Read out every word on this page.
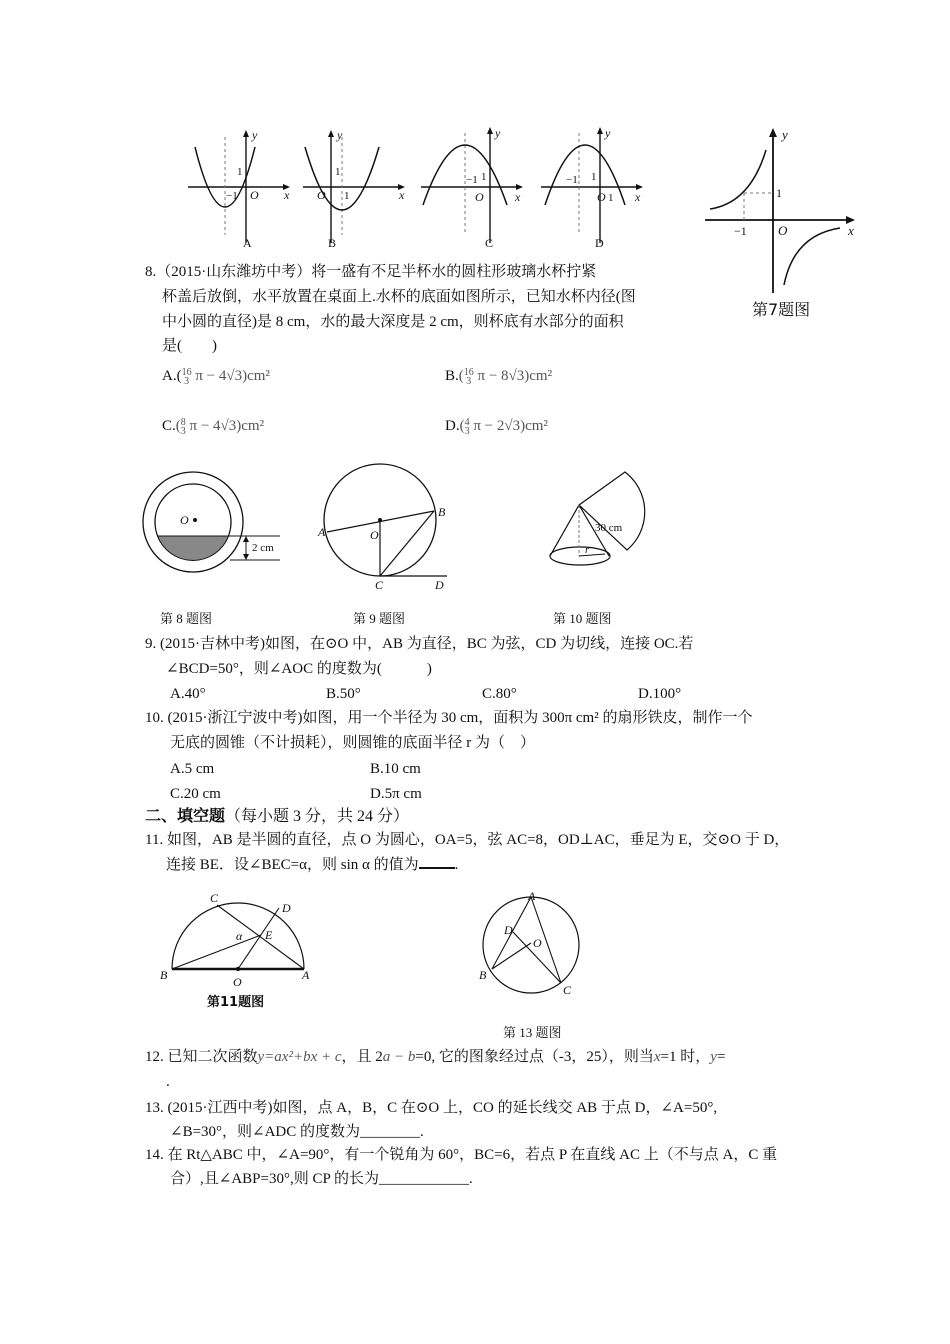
y
x
O
1
−1
A
y
x
O
1
1
B
y
x
O
1
−1
C
y
x
O
1
−1
1
D
y
x
O
1
−1
第7题图
8.（2015·山东潍坊中考）将一盛有不足半杯水的圆柱形玻璃水杯拧紧
杯盖后放倒，水平放置在桌面上.水杯的底面如图所示，已知水杯内径(图
中小圆的直径)是 8 cm，水的最大深度是 2 cm，则杯底有水部分的面积
是(　　)
A.(16
3 π − 4√3)cm²	B.(16
3 π − 8√3)cm²
C.(8
3 π − 4√3)cm²	D.(4
3 π − 2√3)cm²
O
2 cm
第 8 题图
A
B
O
C	D
第 9 题图
30 cm
r
第 10 题图
9. (2015·吉林中考)如图，在⊙O 中，AB 为直径，BC 为弦，CD 为切线，连接 OC.若
∠BCD=50°，则∠AOC 的度数为(　　　)
A.40°	B.50°	C.80°	D.100°
10. (2015·浙江宁波中考)如图，用一个半径为 30 cm，面积为 300π cm² 的扇形铁皮，制作一个
无底的圆锥（不计损耗），则圆锥的底面半径 r 为（　）
A.5 cm	B.10 cm
C.20 cm	D.5π cm
二、填空题（每小题 3 分，共 24 分）
11. 如图，AB 是半圆的直径，点 O 为圆心，OA=5，弦 AC=8，OD⊥AC，垂足为 E，交⊙O 于 D，
连接 BE．设∠BEC=α，则 sin α 的值为 .
C
D
E
α
B	O	A
第11题图
A
D
O
B
C
第 13 题图
12. 已知二次函数y=ax²+bx + c，且 2a − b=0, 它的图象经过点（-3，25），则当x=1 时，y=
.
13. (2015·江西中考)如图，点 A，B，C 在⊙O 上，CO 的延长线交 AB 于点 D，∠A=50°,
∠B=30°，则∠ADC 的度数为________.
14. 在 Rt△ABC 中，∠A=90°，有一个锐角为 60°，BC=6，若点 P 在直线 AC 上（不与点 A，C 重
合）,且∠ABP=30°,则 CP 的长为____________.
